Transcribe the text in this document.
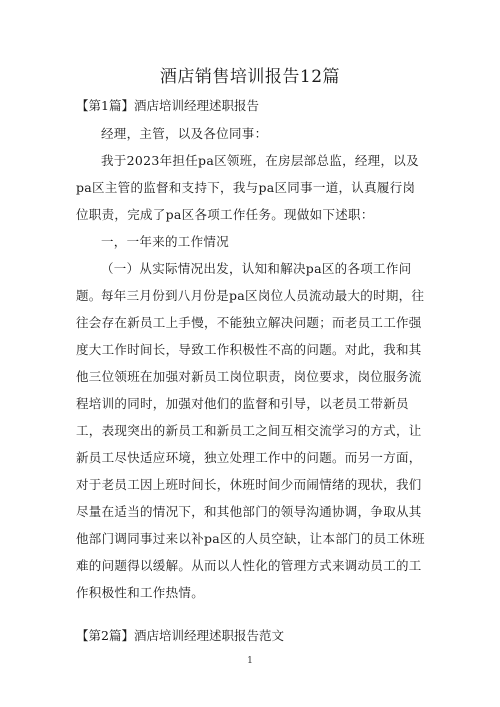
酒店销售培训报告12篇
【第1篇】酒店培训经理述职报告
经理，主管，以及各位同事：
我于2023年担任pa区领班，在房层部总监，经理，以及pa区主管的监督和支持下，我与pa区同事一道，认真履行岗位职责，完成了pa区各项工作任务。现做如下述职：
一，一年来的工作情况
（一）从实际情况出发，认知和解决pa区的各项工作问题。 每年三月份到八月份是pa区岗位人员流动最大的时期，往往会存在新员工上手慢，不能独立解决问题；而老员工工作强度大工作时间长，导致工作积极性不高的问题。对此，我和其他三位领班在加强对新员工岗位职责，岗位要求，岗位服务流程培训的同时，加强对他们的监督和引导，以老员工带新员工，表现突出的新员工和新员工之间互相交流学习的方式，让新员工尽快适应环境，独立处理工作中的问题。而另一方面，对于老员工因上班时间长，休班时间少而闹情绪的现状，我们尽量在适当的情况下，和其他部门的领导沟通协调，争取从其他部门调同事过来以补pa区的人员空缺，让本部门的员工休班难的问题得以缓解。从而以人性化的管理方式来调动员工的工作积极性和工作热情。
【第2篇】酒店培训经理述职报告范文
1
